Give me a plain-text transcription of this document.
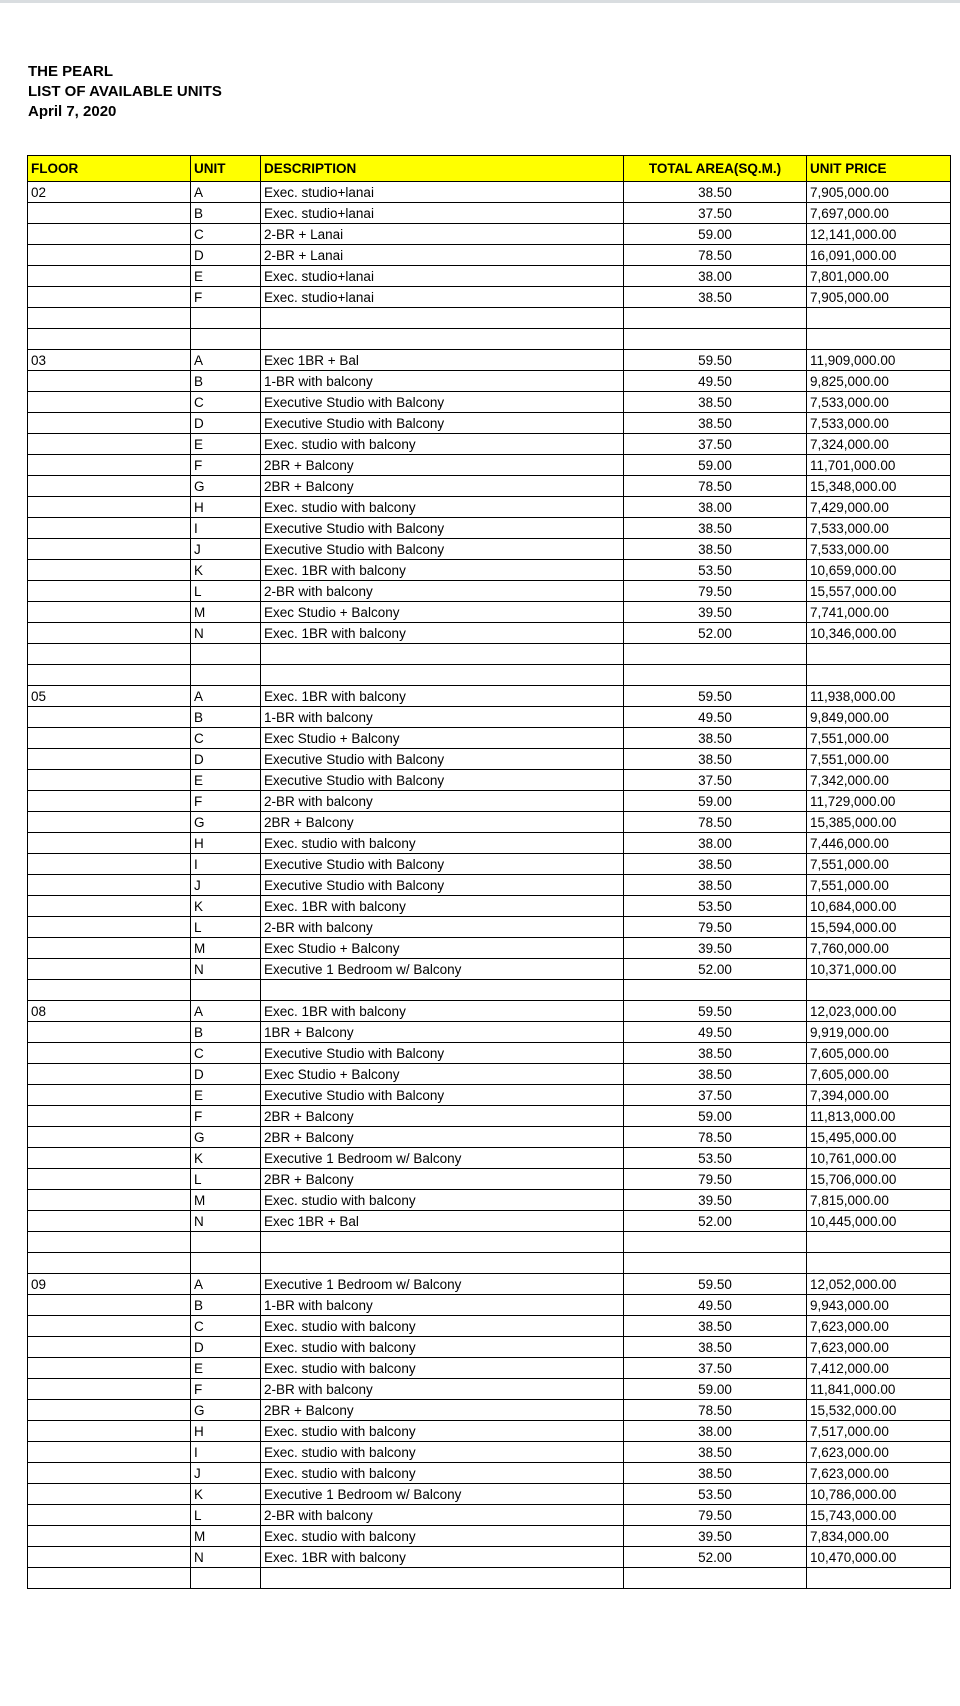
THE PEARL
LIST OF AVAILABLE UNITS
April 7, 2020
FLOOR	UNIT	DESCRIPTION	TOTAL AREA(SQ.M.)	UNIT PRICE
02	A	Exec. studio+lanai	38.50	7,905,000.00
	B	Exec. studio+lanai	37.50	7,697,000.00
	C	2-BR + Lanai	59.00	12,141,000.00
	D	2-BR + Lanai	78.50	16,091,000.00
	E	Exec. studio+lanai	38.00	7,801,000.00
	F	Exec. studio+lanai	38.50	7,905,000.00

03	A	Exec 1BR + Bal	59.50	11,909,000.00
	B	1-BR with balcony	49.50	9,825,000.00
	C	Executive Studio with Balcony	38.50	7,533,000.00
	D	Executive Studio with Balcony	38.50	7,533,000.00
	E	Exec. studio with balcony	37.50	7,324,000.00
	F	2BR + Balcony	59.00	11,701,000.00
	G	2BR + Balcony	78.50	15,348,000.00
	H	Exec. studio with balcony	38.00	7,429,000.00
	I	Executive Studio with Balcony	38.50	7,533,000.00
	J	Executive Studio with Balcony	38.50	7,533,000.00
	K	Exec. 1BR with balcony	53.50	10,659,000.00
	L	2-BR with balcony	79.50	15,557,000.00
	M	Exec Studio + Balcony	39.50	7,741,000.00
	N	Exec. 1BR with balcony	52.00	10,346,000.00

05	A	Exec. 1BR with balcony	59.50	11,938,000.00
	B	1-BR with balcony	49.50	9,849,000.00
	C	Exec Studio + Balcony	38.50	7,551,000.00
	D	Executive Studio with Balcony	38.50	7,551,000.00
	E	Executive Studio with Balcony	37.50	7,342,000.00
	F	2-BR with balcony	59.00	11,729,000.00
	G	2BR + Balcony	78.50	15,385,000.00
	H	Exec. studio with balcony	38.00	7,446,000.00
	I	Executive Studio with Balcony	38.50	7,551,000.00
	J	Executive Studio with Balcony	38.50	7,551,000.00
	K	Exec. 1BR with balcony	53.50	10,684,000.00
	L	2-BR with balcony	79.50	15,594,000.00
	M	Exec Studio + Balcony	39.50	7,760,000.00
	N	Executive 1 Bedroom w/ Balcony	52.00	10,371,000.00

08	A	Exec. 1BR with balcony	59.50	12,023,000.00
	B	1BR + Balcony	49.50	9,919,000.00
	C	Executive Studio with Balcony	38.50	7,605,000.00
	D	Exec Studio + Balcony	38.50	7,605,000.00
	E	Executive Studio with Balcony	37.50	7,394,000.00
	F	2BR + Balcony	59.00	11,813,000.00
	G	2BR + Balcony	78.50	15,495,000.00
	K	Executive 1 Bedroom w/ Balcony	53.50	10,761,000.00
	L	2BR + Balcony	79.50	15,706,000.00
	M	Exec. studio with balcony	39.50	7,815,000.00
	N	Exec 1BR + Bal	52.00	10,445,000.00

09	A	Executive 1 Bedroom w/ Balcony	59.50	12,052,000.00
	B	1-BR with balcony	49.50	9,943,000.00
	C	Exec. studio with balcony	38.50	7,623,000.00
	D	Exec. studio with balcony	38.50	7,623,000.00
	E	Exec. studio with balcony	37.50	7,412,000.00
	F	2-BR with balcony	59.00	11,841,000.00
	G	2BR + Balcony	78.50	15,532,000.00
	H	Exec. studio with balcony	38.00	7,517,000.00
	I	Exec. studio with balcony	38.50	7,623,000.00
	J	Exec. studio with balcony	38.50	7,623,000.00
	K	Executive 1 Bedroom w/ Balcony	53.50	10,786,000.00
	L	2-BR with balcony	79.50	15,743,000.00
	M	Exec. studio with balcony	39.50	7,834,000.00
	N	Exec. 1BR with balcony	52.00	10,470,000.00
